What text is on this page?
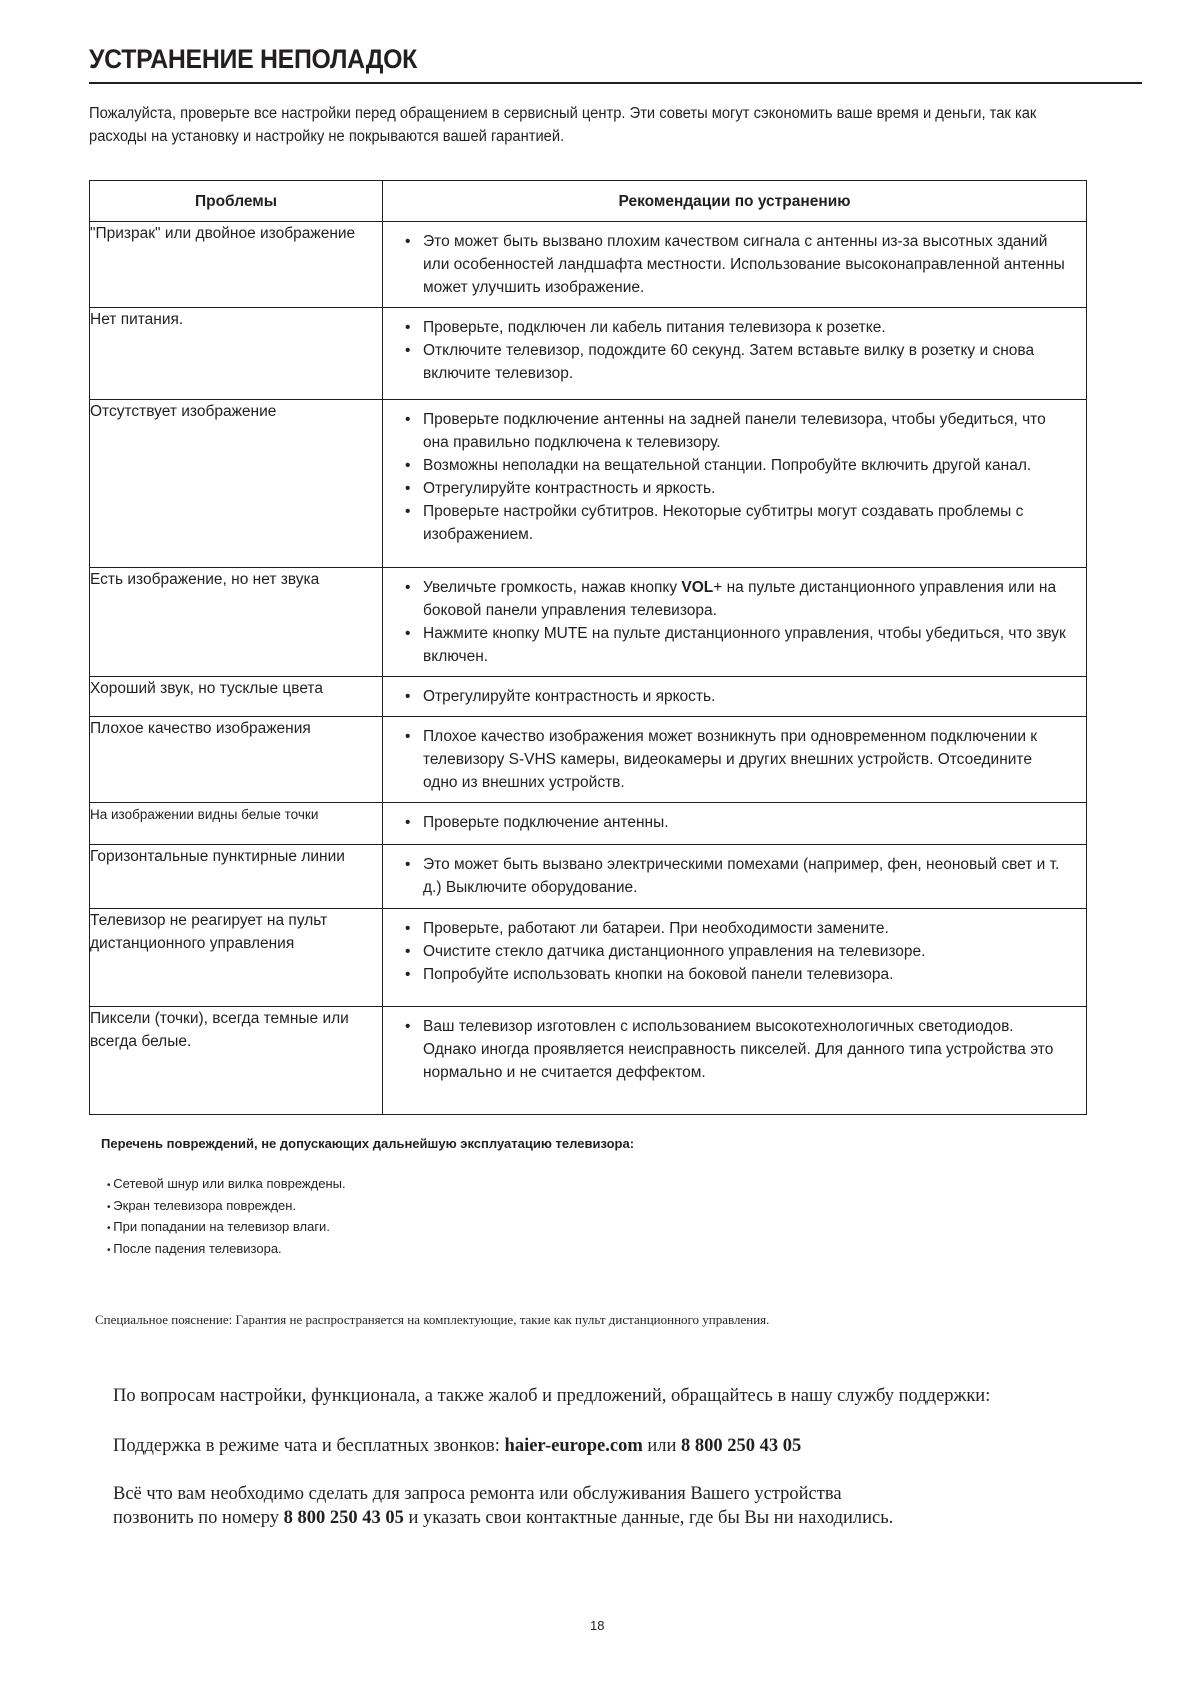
УСТРАНЕНИЕ НЕПОЛАДОК
Пожалуйста, проверьте все настройки перед обращением в сервисный центр. Эти советы могут сэкономить ваше время и деньги, так как расходы на установку и настройку не покрываются вашей гарантией.
Проблемы	Рекомендации по устранению
"Призрак" или двойное изображение	
•Это может быть вызвано плохим качеством сигнала с антенны из-за высотных зданий или особенностей ландшафта местности. Использование высоконаправленной антенны может улучшить изображение.

Нет питания.	
•Проверьте, подключен ли кабель питания телевизора к розетке.
• Отключите телевизор, подождите 60 секунд. Затем вставьте вилку в розетку и снова включите телевизор.

Отсутствует изображение	
•Проверьте подключение антенны на задней панели телевизора, чтобы убедиться, что она правильно подключена к телевизору.
• Возможны неполадки на вещательной станции. Попробуйте включить другой канал.
• Отрегулируйте контрастность и яркость.
• Проверьте настройки субтитров. Некоторые субтитры могут создавать проблемы с изображением.

Есть изображение, но нет звука	
•Увеличьте громкость, нажав кнопку VOL+ на пульте дистанционного управления или на боковой панели управления телевизора.
• Нажмите кнопку MUTE на пульте дистанционного управления, чтобы убедиться, что звук включен.

Хороший звук, но тусклые цвета	
•Отрегулируйте контрастность и яркость.

Плохое качество изображения	
•Плохое качество изображения может возникнуть при одновременном подключении к телевизору S-VHS камеры, видеокамеры и других внешних устройств. Отсоедините одно из внешних устройств.

На изображении видны белые точки	
•Проверьте подключение антенны.

Горизонтальные пунктирные линии	
•Это может быть вызвано электрическими помехами (например, фен, неоновый свет и т. д.) Выключите оборудование.

Телевизор не реагирует на пульт дистанционного управления	
• Проверьте, работают ли батареи. При необходимости замените.
• Очистите стекло датчика дистанционного управления на телевизоре.
• Попробуйте использовать кнопки на боковой панели телевизора.

Пиксели (точки), всегда темные или всегда белые.	
• Ваш телевизор изготовлен с использованием высокотехнологичных светодиодов. Однако иногда проявляется неисправность пикселей. Для данного типа устройства это нормально и не считается деффектом.
Перечень повреждений, не допускающих дальнейшую эксплуатацию телевизора:
• Сетевой шнур или вилка повреждены.
• Экран телевизора поврежден.
• При попадании на телевизор влаги.
• После падения телевизора.
Специальное пояснение: Гарантия не распространяется на комплектующие, такие как пульт дистанционного управления.
По вопросам настройки, функционала, а также жалоб и предложений, обращайтесь в нашу службу поддержки:
Поддержка в режиме чата и бесплатных звонков: haier-europe.com или 8 800 250 43 05
Всё что вам необходимо сделать для запроса ремонта или обслуживания Вашего устройства
позвонить по номеру 8 800 250 43 05 и указать свои контактные данные, где бы Вы ни находились.
18
